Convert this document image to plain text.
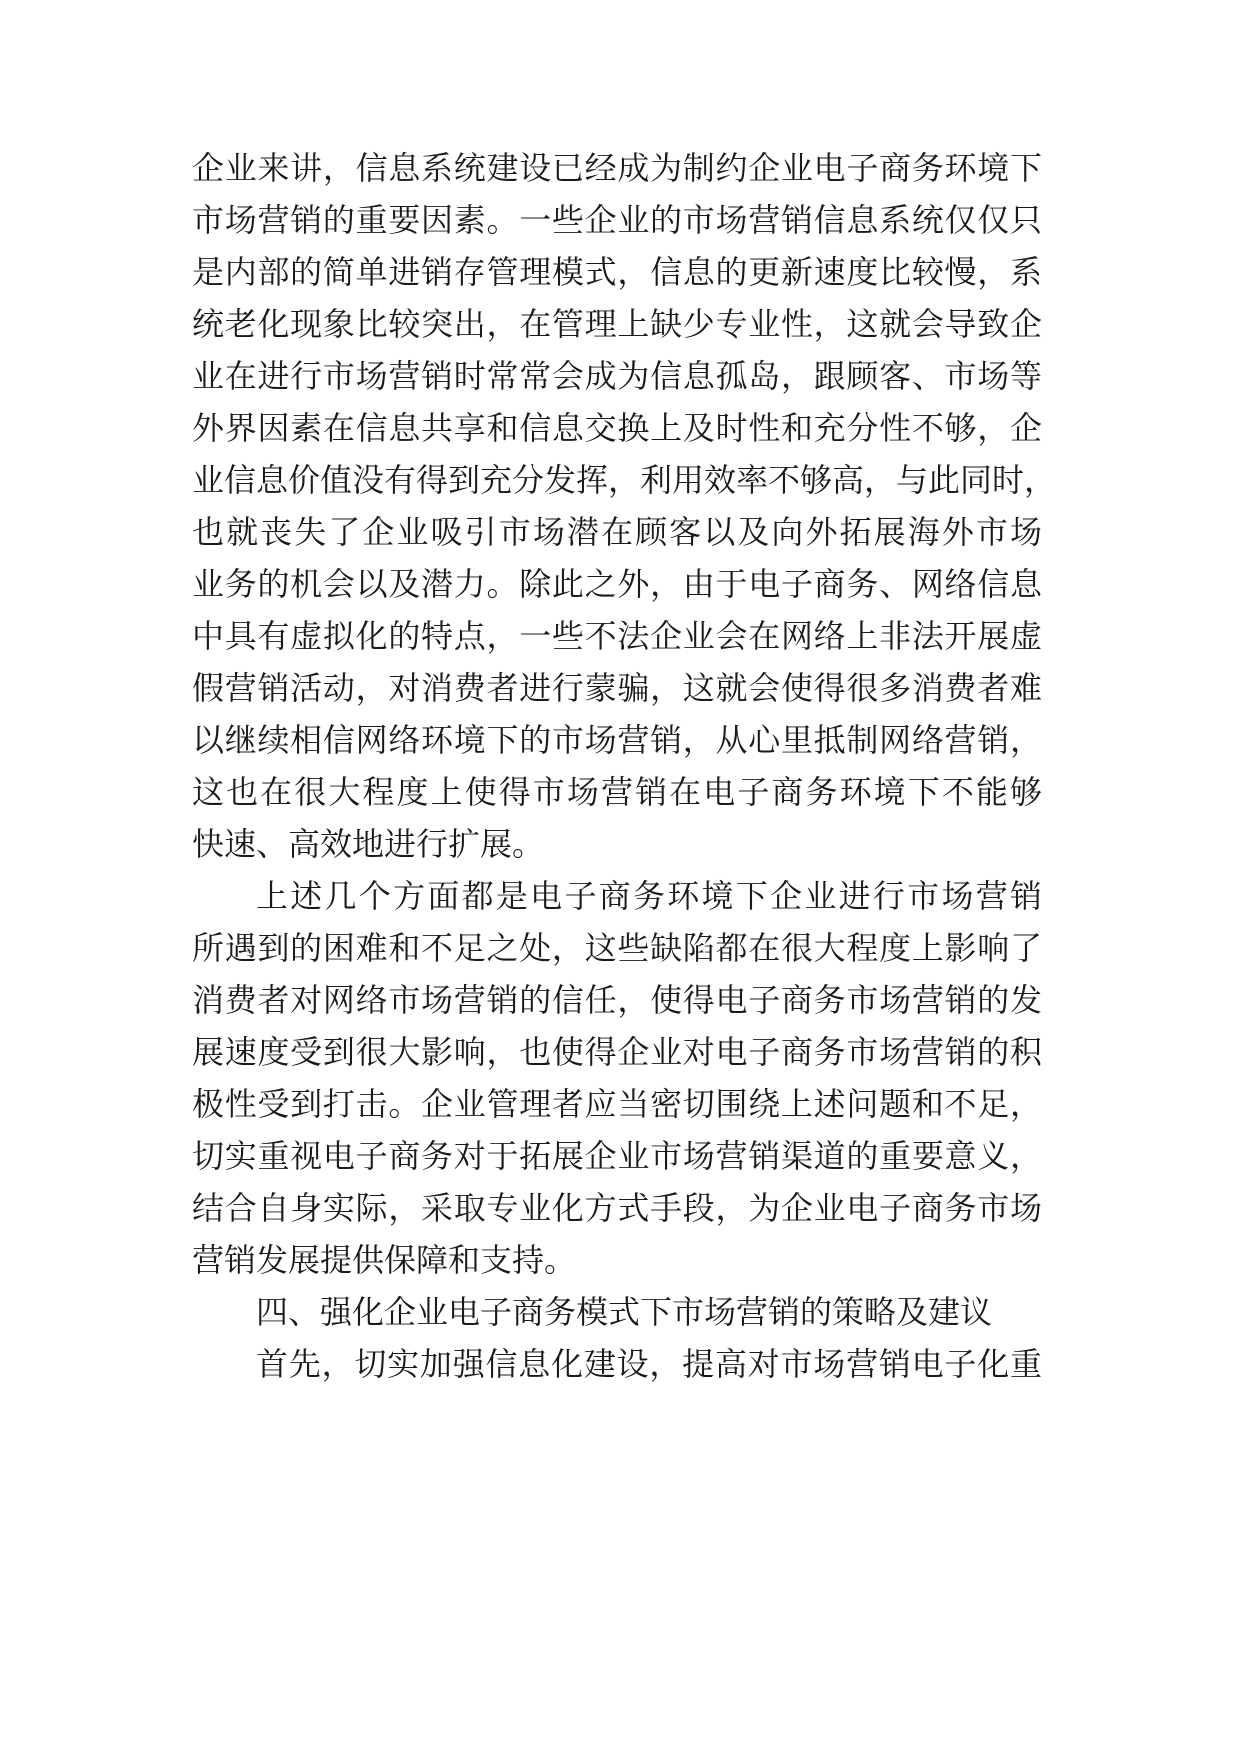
企业来讲，信息系统建设已经成为制约企业电子商务环境下
市场营销的重要因素。一些企业的市场营销信息系统仅仅只
是内部的简单进销存管理模式，信息的更新速度比较慢，系
统老化现象比较突出，在管理上缺少专业性，这就会导致企
业在进行市场营销时常常会成为信息孤岛，跟顾客、市场等
外界因素在信息共享和信息交换上及时性和充分性不够，企
业信息价值没有得到充分发挥，利用效率不够高，与此同时，
也就丧失了企业吸引市场潜在顾客以及向外拓展海外市场
业务的机会以及潜力。除此之外，由于电子商务、网络信息
中具有虚拟化的特点，一些不法企业会在网络上非法开展虚
假营销活动，对消费者进行蒙骗，这就会使得很多消费者难
以继续相信网络环境下的市场营销，从心里抵制网络营销，
这也在很大程度上使得市场营销在电子商务环境下不能够
快速、高效地进行扩展。
上述几个方面都是电子商务环境下企业进行市场营销
所遇到的困难和不足之处，这些缺陷都在很大程度上影响了
消费者对网络市场营销的信任，使得电子商务市场营销的发
展速度受到很大影响，也使得企业对电子商务市场营销的积
极性受到打击。企业管理者应当密切围绕上述问题和不足，
切实重视电子商务对于拓展企业市场营销渠道的重要意义，
结合自身实际，采取专业化方式手段，为企业电子商务市场
营销发展提供保障和支持。
四、强化企业电子商务模式下市场营销的策略及建议
首先，切实加强信息化建设，提高对市场营销电子化重
